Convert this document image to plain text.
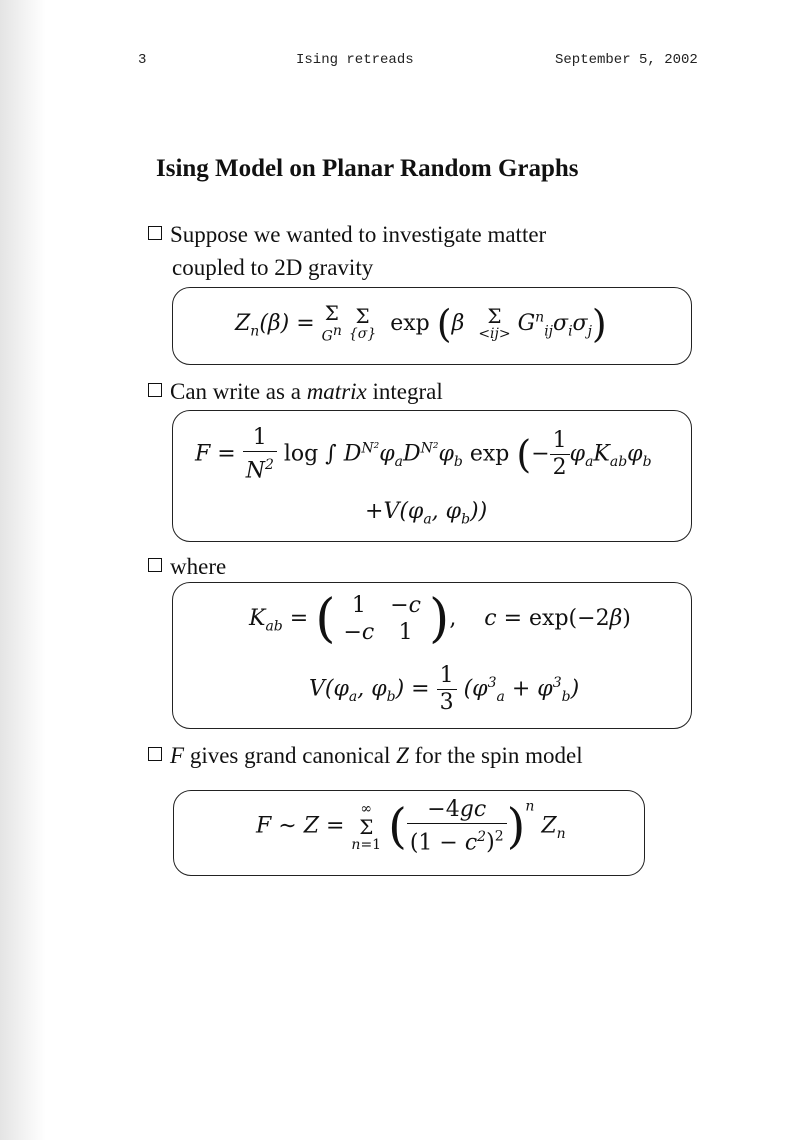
3	Ising retreads	September 5, 2002
Ising Model on Planar Random Graphs
Suppose we wanted to investigate matter
coupled to 2D gravity
$Z_n(\beta) = \Sigma$
$G^n$

Σ
{σ} exp (β Σ
$<ij> G^n_{ij}\sigma_i\sigma_j$)
Can write as a matrix integral
$F = \frac{1}{N^2}$ log ∫ $D^{N^2}\varphi_aD^{N^2}\varphi_b$ exp (− $\frac{1}{2} \varphi_aK_{ab}\varphi_b$
$+V(\varphi_a$, $\varphi_b$))
where
$K_{ab}$ = ( 1	−c
−c	1 ),    c = exp(−2β)
$V(\varphi_a$, $\varphi_b) = \frac{1}{3} (\varphi^3_a + \varphi^3_b)$
F gives grand canonical Z for the spin model
F ∼ Z =
∞
Σ
n=1 ( $\frac{-4gc}{(1 - c^2)^2} )^n$ $Z_n$
